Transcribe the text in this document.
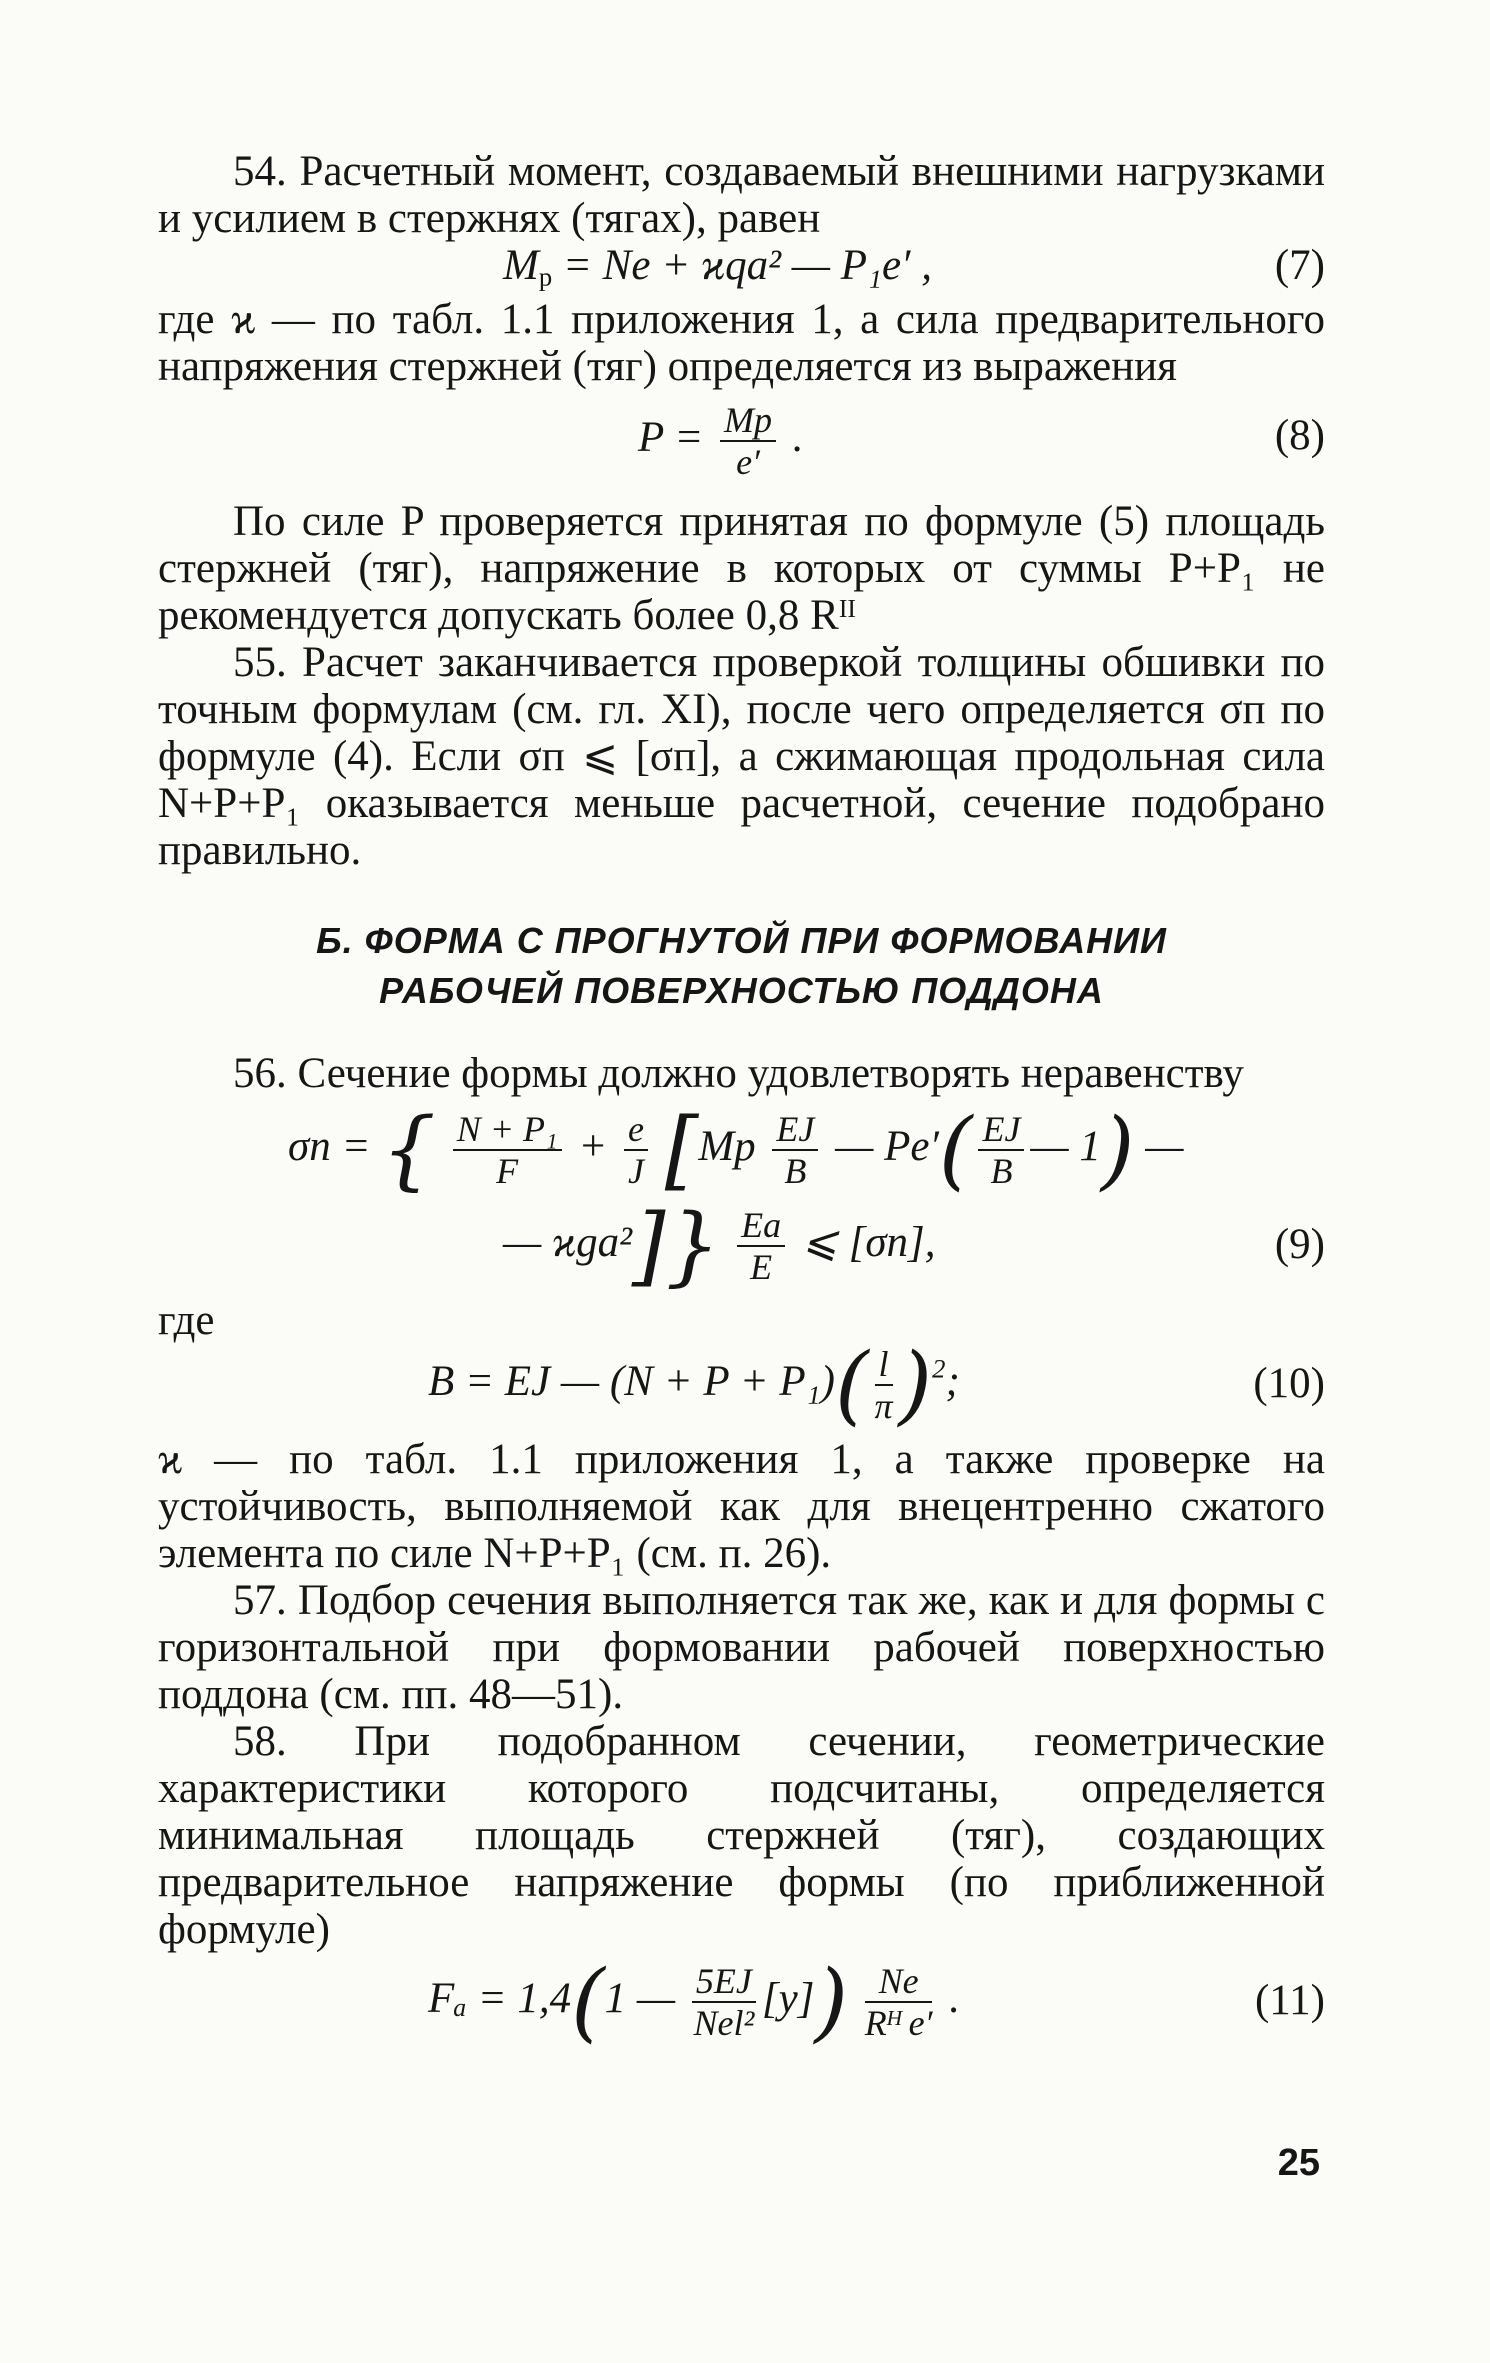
54. Расчетный момент, создаваемый внешними нагрузками и усилием в стержнях (тягах), равен

$M_р = Ne + ϰqa^2$ — P₁e′ ,	(7)

где ϰ — по табл. 1.1 приложения 1, а сила предварительного напряжения стержней (тяг) определяется из выражения

$P = \frac{Mр}{e'}$ .	(8)

По силе P проверяется принятая по формуле (5) площадь стержней (тяг), напряжение в которых от суммы P+P₁ не рекомендуется допускать более 0,8 Rᴵᴵ

55. Расчет заканчивается проверкой толщины обшивки по точным формулам (см. гл. XI), после чего определяется σп по формуле (4). Если σп ⩽ [σп], а сжимающая продольная сила N+P+P₁ оказывается меньше расчетной, сечение подобрано правильно.

Б. ФОРМА С ПРОГНУТОЙ ПРИ ФОРМОВАНИИ
РАБОЧЕЙ ПОВЕРХНОСТЬЮ ПОДДОНА

56. Сечение формы должно удовлетворять неравенству

σп = { $\frac{\text{N + P₁}}{F} + \frac{e}{J} [Mр \frac{EJ}{B}$ — $Pe'( \frac{EJ}{B}$ — 1) —
— $ϰga^2]\} \frac{Eа}{E}$ ⩽ [σп],	(9)

где

B = EJ — $(N + P + P_1)( \frac{l}{\pi} )^2$;	(10)

ϰ — по табл. 1.1 приложения 1, а также проверке на устойчивость, выполняемой как для внецентренно сжатого элемента по силе N+P+P₁ (см. п. 26).

57. Подбор сечения выполняется так же, как и для формы с горизонтальной при формовании рабочей поверхностью поддона (см. пп. 48—51).

58. При подобранном сечении, геометрические характеристики которого подсчитаны, определяется минимальная площадь стержней (тяг), создающих предварительное напряжение формы (по приближенной формуле)

Fₐ = 1,4(1 — $\frac{5EJ}{\text{Nel²}} [y]) \frac{Ne}{\text{Rᴴ e′}}$ .	(11)
25
